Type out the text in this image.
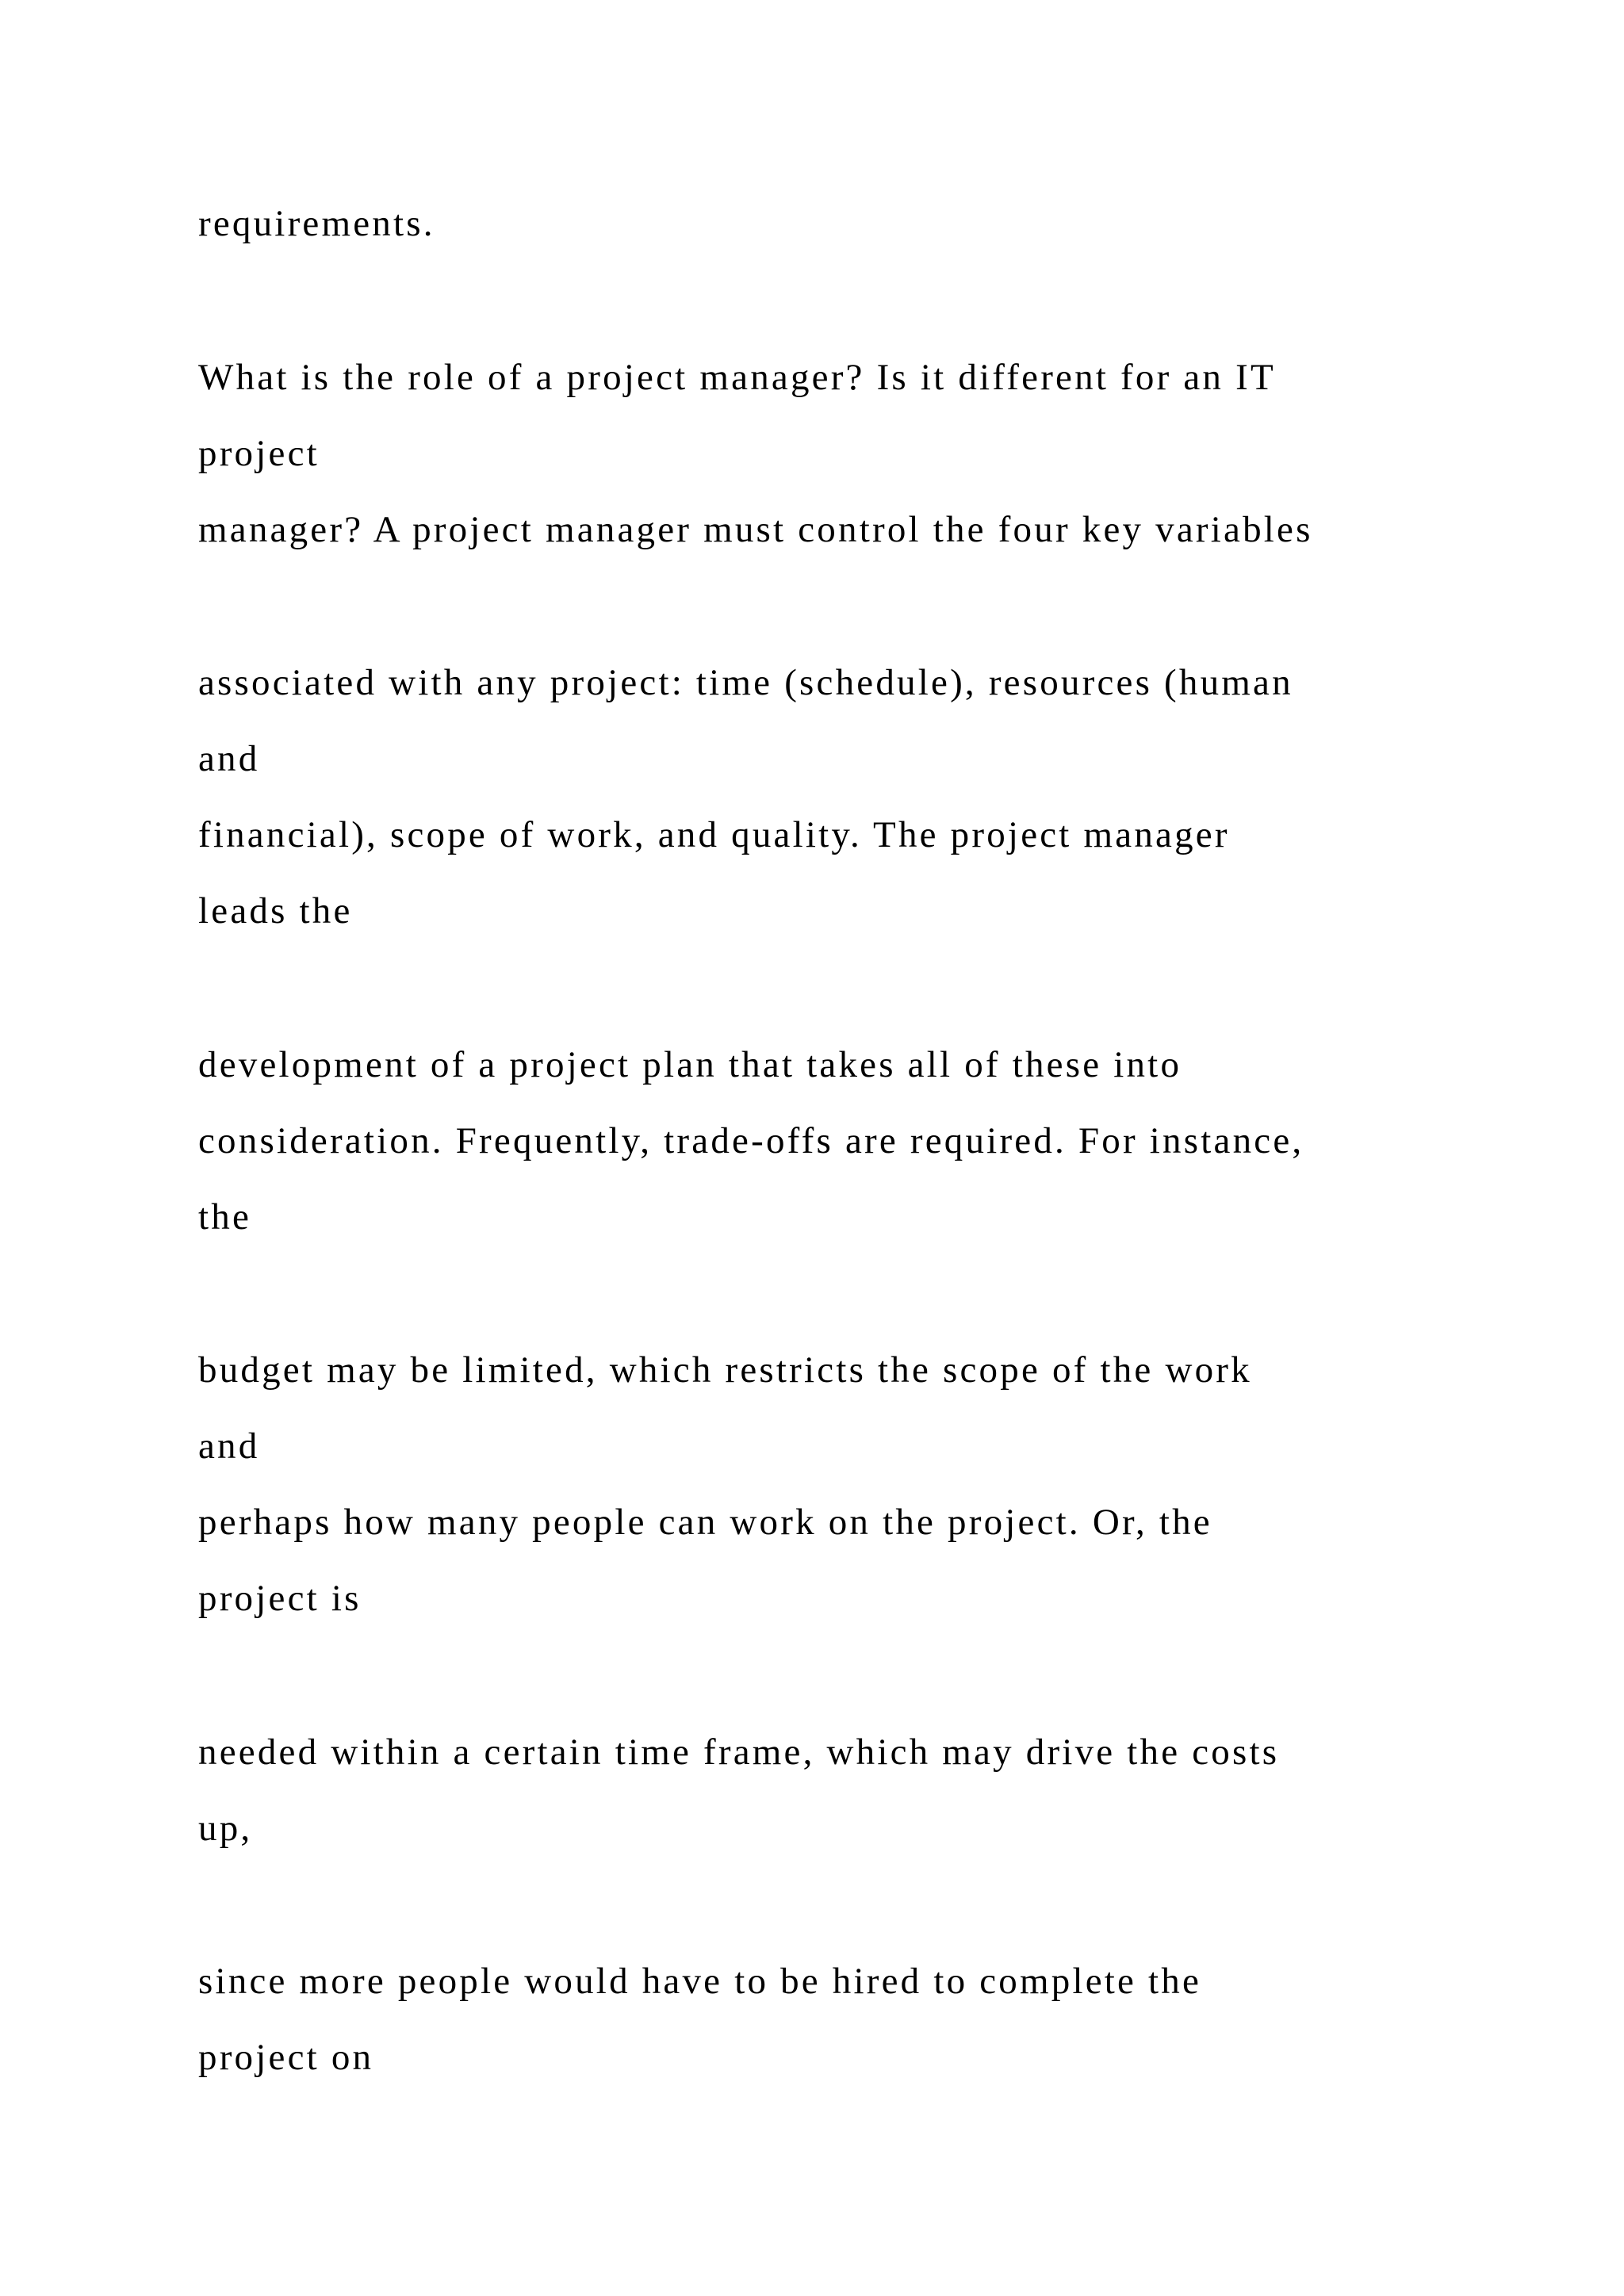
requirements.

What is the role of a project manager? Is it different for an IT

project

manager? A project manager must control the four key variables

associated with any project: time (schedule), resources (human

and

financial), scope of work, and quality. The project manager

leads the

development of a project plan that takes all of these into

consideration. Frequently, trade-offs are required. For instance,

the

budget may be limited, which restricts the scope of the work

and

perhaps how many people can work on the project. Or, the

project is

needed within a certain time frame, which may drive the costs

up,

since more people would have to be hired to complete the

project on
